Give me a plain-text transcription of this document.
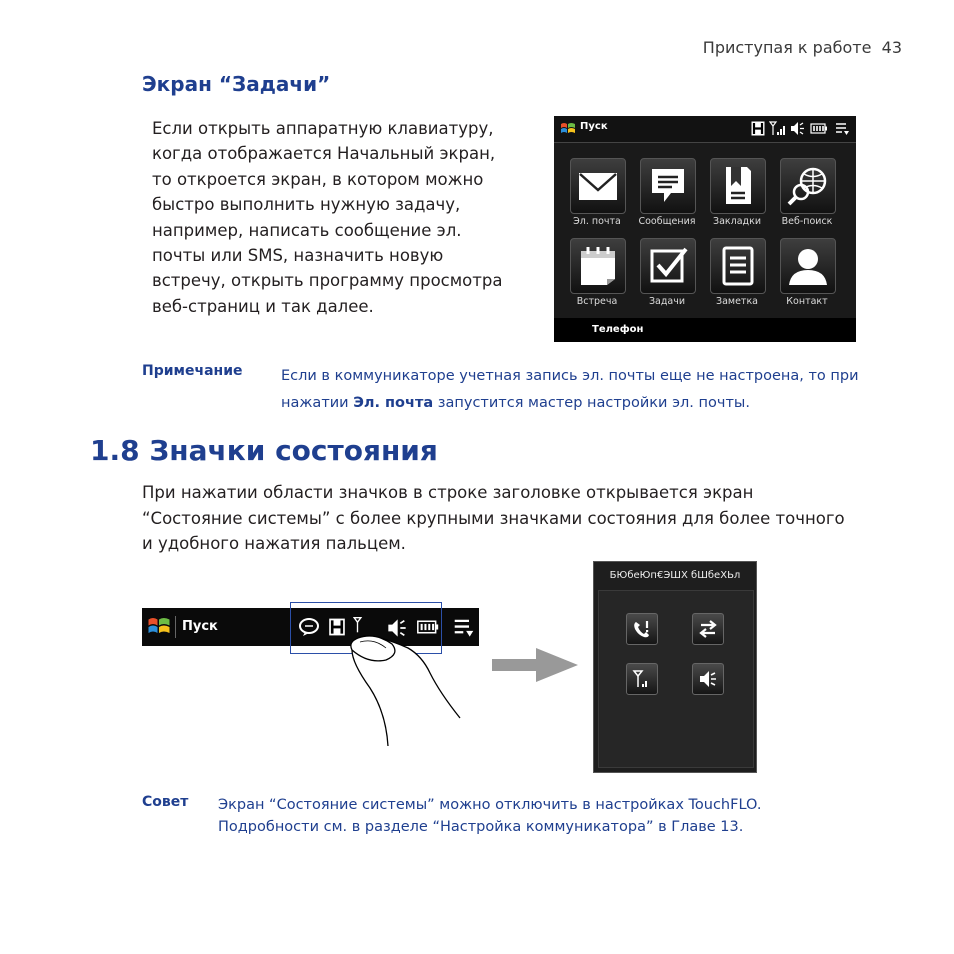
Приступая к работе 43
Экран “Задачи”
Если открыть аппаратную клавиатуру,
когда отображается Начальный экран,
то откроется экран, в котором можно
быстро выполнить нужную задачу,
например, написать сообщение эл.
почты или SMS, назначить новую
встречу, открыть программу просмотра
веб-страниц и так далее.
Пуск
Эл. почта	Сообщения	Закладки	Веб-поиск
Встреча	Задачи	Заметка	Контакт
Телефон
Примечание	Если в коммуникаторе учетная запись эл. почты еще не настроена, то при
нажатии Эл. почта запустится мастер настройки эл. почты.
1.8 Значки состояния
При нажатии области значков в строке заголовке открывается экран
“Состояние системы” с более крупными значками состояния для более точного
и удобного нажатия пальцем.
Пуск
БЮбеЮп€ЭШХ бШбеХЬл
Совет Экран “Состояние системы” можно отключить в настройках TouchFLO.
Подробности см. в разделе “Настройка коммуникатора” в Главе 13.
